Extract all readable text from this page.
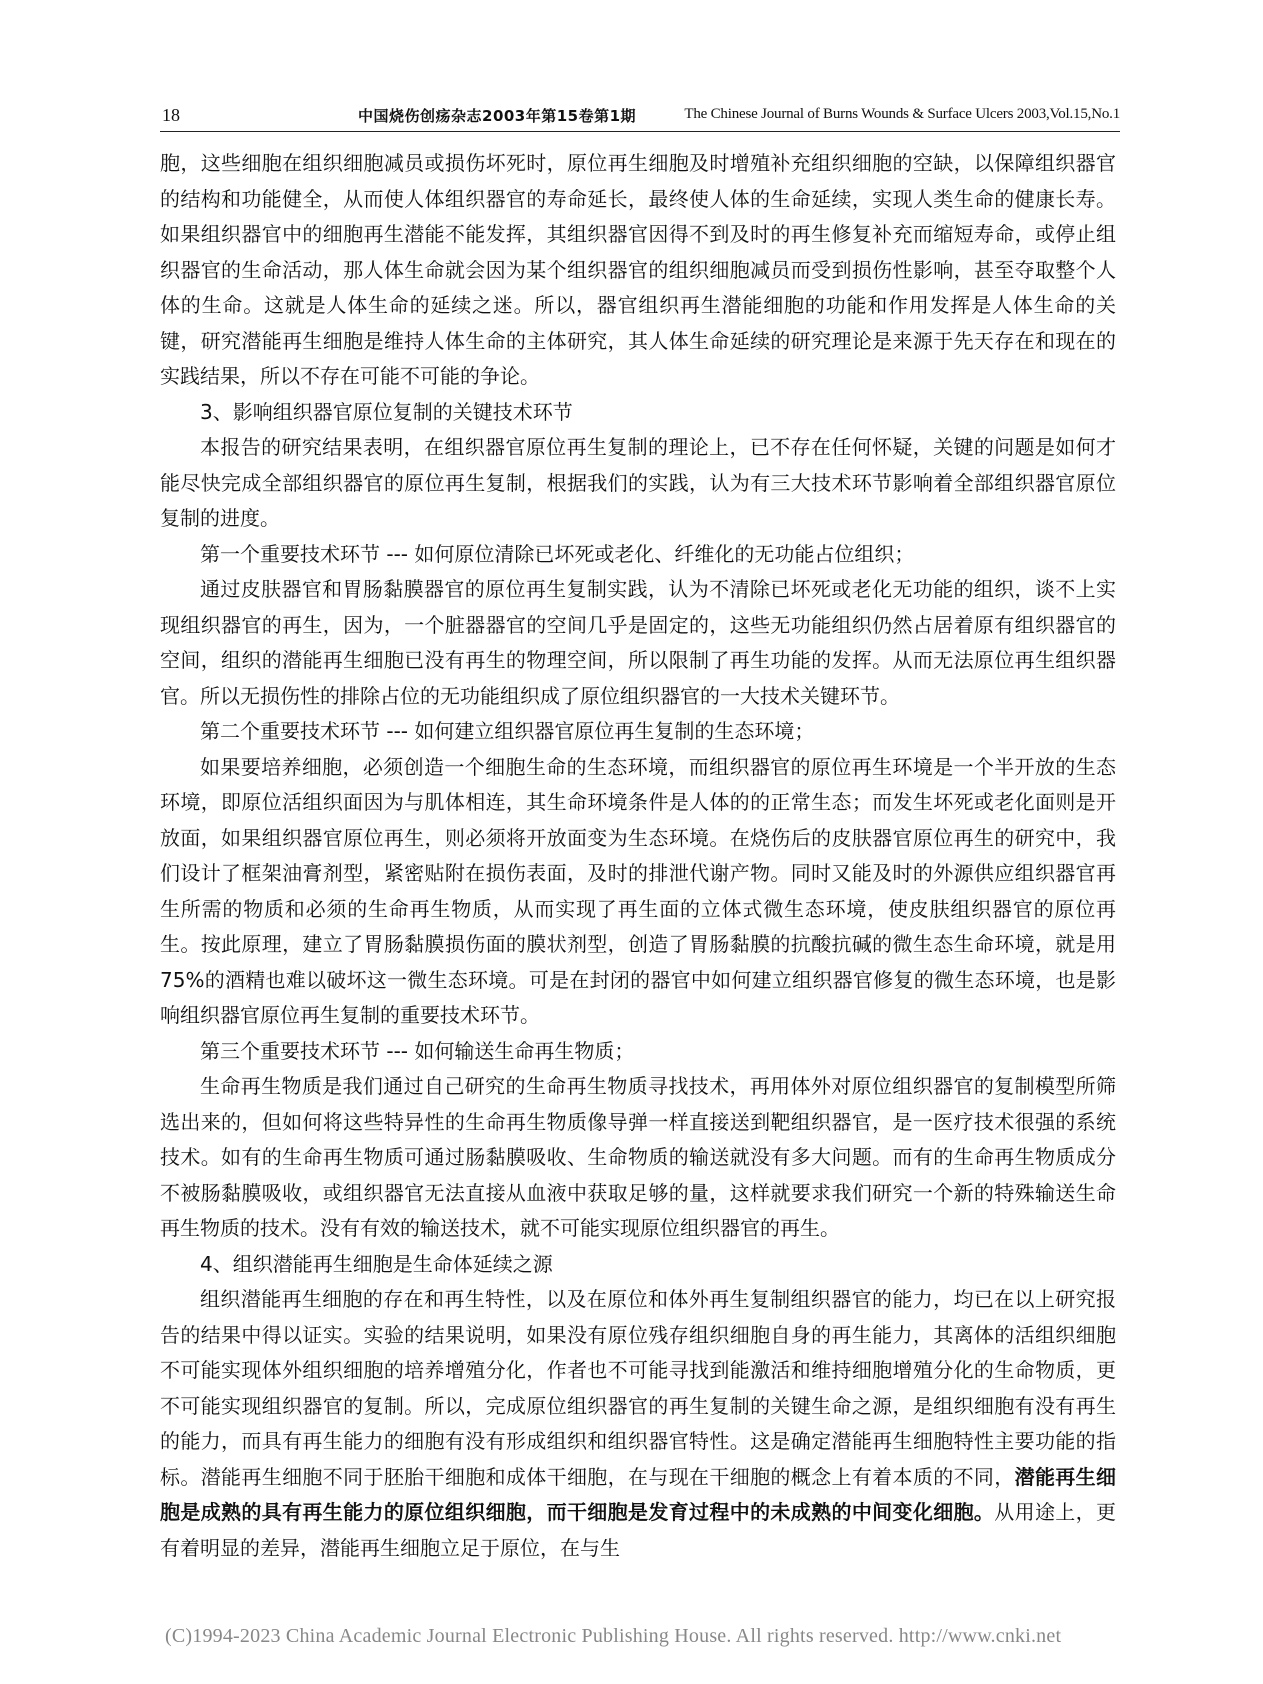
18	中国烧伤创疡杂志2003年第15卷第1期	The Chinese Journal of Burns Wounds & Surface Ulcers 2003,Vol.15,No.1

胞，这些细胞在组织细胞减员或损伤坏死时，原位再生细胞及时增殖补充组织细胞的空缺，以保障组织器官的结构和功能健全，从而使人体组织器官的寿命延长，最终使人体的生命延续，实现人类生命的健康长寿。如果组织器官中的细胞再生潜能不能发挥，其组织器官因得不到及时的再生修复补充而缩短寿命，或停止组织器官的生命活动，那人体生命就会因为某个组织器官的组织细胞减员而受到损伤性影响，甚至夺取整个人体的生命。这就是人体生命的延续之迷。所以，器官组织再生潜能细胞的功能和作用发挥是人体生命的关键，研究潜能再生细胞是维持人体生命的主体研究，其人体生命延续的研究理论是来源于先天存在和现在的实践结果，所以不存在可能不可能的争论。

3、影响组织器官原位复制的关键技术环节

本报告的研究结果表明，在组织器官原位再生复制的理论上，已不存在任何怀疑，关键的问题是如何才能尽快完成全部组织器官的原位再生复制，根据我们的实践，认为有三大技术环节影响着全部组织器官原位复制的进度。

第一个重要技术环节 --- 如何原位清除已坏死或老化、纤维化的无功能占位组织；

通过皮肤器官和胃肠黏膜器官的原位再生复制实践，认为不清除已坏死或老化无功能的组织，谈不上实现组织器官的再生，因为，一个脏器器官的空间几乎是固定的，这些无功能组织仍然占居着原有组织器官的空间，组织的潜能再生细胞已没有再生的物理空间，所以限制了再生功能的发挥。从而无法原位再生组织器官。所以无损伤性的排除占位的无功能组织成了原位组织器官的一大技术关键环节。

第二个重要技术环节 --- 如何建立组织器官原位再生复制的生态环境；

如果要培养细胞，必须创造一个细胞生命的生态环境，而组织器官的原位再生环境是一个半开放的生态环境，即原位活组织面因为与肌体相连，其生命环境条件是人体的的正常生态；而发生坏死或老化面则是开放面，如果组织器官原位再生，则必须将开放面变为生态环境。在烧伤后的皮肤器官原位再生的研究中，我们设计了框架油膏剂型，紧密贴附在损伤表面，及时的排泄代谢产物。同时又能及时的外源供应组织器官再生所需的物质和必须的生命再生物质，从而实现了再生面的立体式微生态环境，使皮肤组织器官的原位再生。按此原理，建立了胃肠黏膜损伤面的膜状剂型，创造了胃肠黏膜的抗酸抗碱的微生态生命环境，就是用75%的酒精也难以破坏这一微生态环境。可是在封闭的器官中如何建立组织器官修复的微生态环境，也是影响组织器官原位再生复制的重要技术环节。

第三个重要技术环节 --- 如何输送生命再生物质；

生命再生物质是我们通过自己研究的生命再生物质寻找技术，再用体外对原位组织器官的复制模型所筛选出来的，但如何将这些特异性的生命再生物质像导弹一样直接送到靶组织器官，是一医疗技术很强的系统技术。如有的生命再生物质可通过肠黏膜吸收、生命物质的输送就没有多大问题。而有的生命再生物质成分不被肠黏膜吸收，或组织器官无法直接从血液中获取足够的量，这样就要求我们研究一个新的特殊输送生命再生物质的技术。没有有效的输送技术，就不可能实现原位组织器官的再生。

4、组织潜能再生细胞是生命体延续之源

组织潜能再生细胞的存在和再生特性，以及在原位和体外再生复制组织器官的能力，均已在以上研究报告的结果中得以证实。实验的结果说明，如果没有原位残存组织细胞自身的再生能力，其离体的活组织细胞不可能实现体外组织细胞的培养增殖分化，作者也不可能寻找到能激活和维持细胞增殖分化的生命物质，更不可能实现组织器官的复制。所以，完成原位组织器官的再生复制的关键生命之源，是组织细胞有没有再生的能力，而具有再生能力的细胞有没有形成组织和组织器官特性。这是确定潜能再生细胞特性主要功能的指标。潜能再生细胞不同于胚胎干细胞和成体干细胞，在与现在干细胞的概念上有着本质的不同，潜能再生细胞是成熟的具有再生能力的原位组织细胞，而干细胞是发育过程中的未成熟的中间变化细胞。从用途上，更有着明显的差异，潜能再生细胞立足于原位，在与生

(C)1994-2023 China Academic Journal Electronic Publishing House. All rights reserved. http://www.cnki.net
